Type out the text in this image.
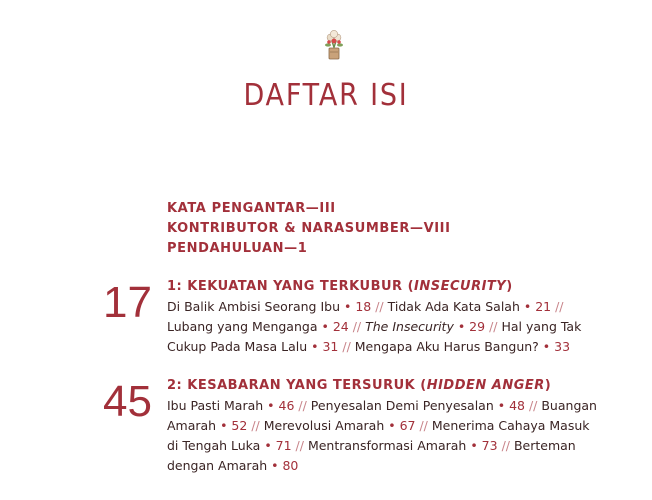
DAFTAR ISI
KATA PENGANTAR—III
KONTRIBUTOR & NARASUMBER—VIII
PENDAHULUAN—1
17 1: KEKUATAN YANG TERKUBUR (INSECURITY)
Di Balik Ambisi Seorang Ibu • 18 // Tidak Ada Kata Salah • 21 // Lubang yang Menganga • 24 // The Insecurity • 29 // Hal yang Tak Cukup Pada Masa Lalu • 31 // Mengapa Aku Harus Bangun? • 33
45 2: KESABARAN YANG TERSURUK (HIDDEN ANGER)
Ibu Pasti Marah • 46 // Penyesalan Demi Penyesalan • 48 // Buangan Amarah • 52 // Merevolusi Amarah • 67 // Menerima Cahaya Masuk di Tengah Luka • 71 // Mentransformasi Amarah • 73 // Berteman dengan Amarah • 80
